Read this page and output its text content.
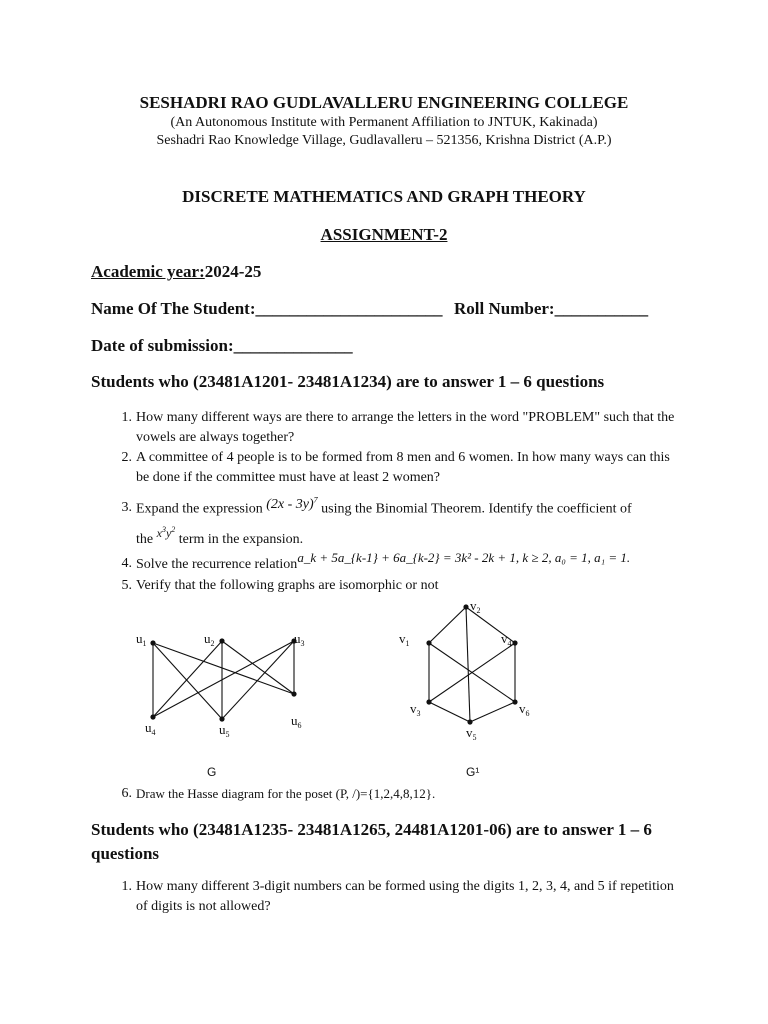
SESHADRI RAO GUDLAVALLERU ENGINEERING COLLEGE
(An Autonomous Institute with Permanent Affiliation to JNTUK, Kakinada)
Seshadri Rao Knowledge Village, Gudlavalleru – 521356, Krishna District (A.P.)
DISCRETE MATHEMATICS AND GRAPH THEORY
ASSIGNMENT-2
Academic year:2024-25
Name Of The Student:______________________ Roll Number:___________
Date of submission:______________
Students who (23481A1201- 23481A1234) are to answer 1 – 6 questions
1. How many different ways are there to arrange the letters in the word "PROBLEM" such that the vowels are always together?
2. A committee of 4 people is to be formed from 8 men and 6 women. In how many ways can this be done if the committee must have at least 2 women?
3. Expand the expression (2x - 3y)$^7$ using the Binomial Theorem. Identify the coefficient of
the $x^3y^2$ term in the expansion.
4. Solve the recurrence relationa_k + 5a_{k-1} + 6a_{k-2} = 3k² - 2k + 1, k ≥ 2, a₀ = 1, a₁ = 1.
5. Verify that the following graphs are isomorphic or not
$u_1$	$u_2$	$u_3$
$u_4$	$u_5$
$u_6$
$v_1$
$v_2$
$v_3$
$v_4$
$v_5$
$v_6$
G	G¹
6. Draw the Hasse diagram for the poset (P, /)={1,2,4,8,12}.
Students who (23481A1235- 23481A1265, 24481A1201-06) are to answer 1 – 6
questions
1. How many different 3-digit numbers can be formed using the digits 1, 2, 3, 4, and 5 if repetition of digits is not allowed?
